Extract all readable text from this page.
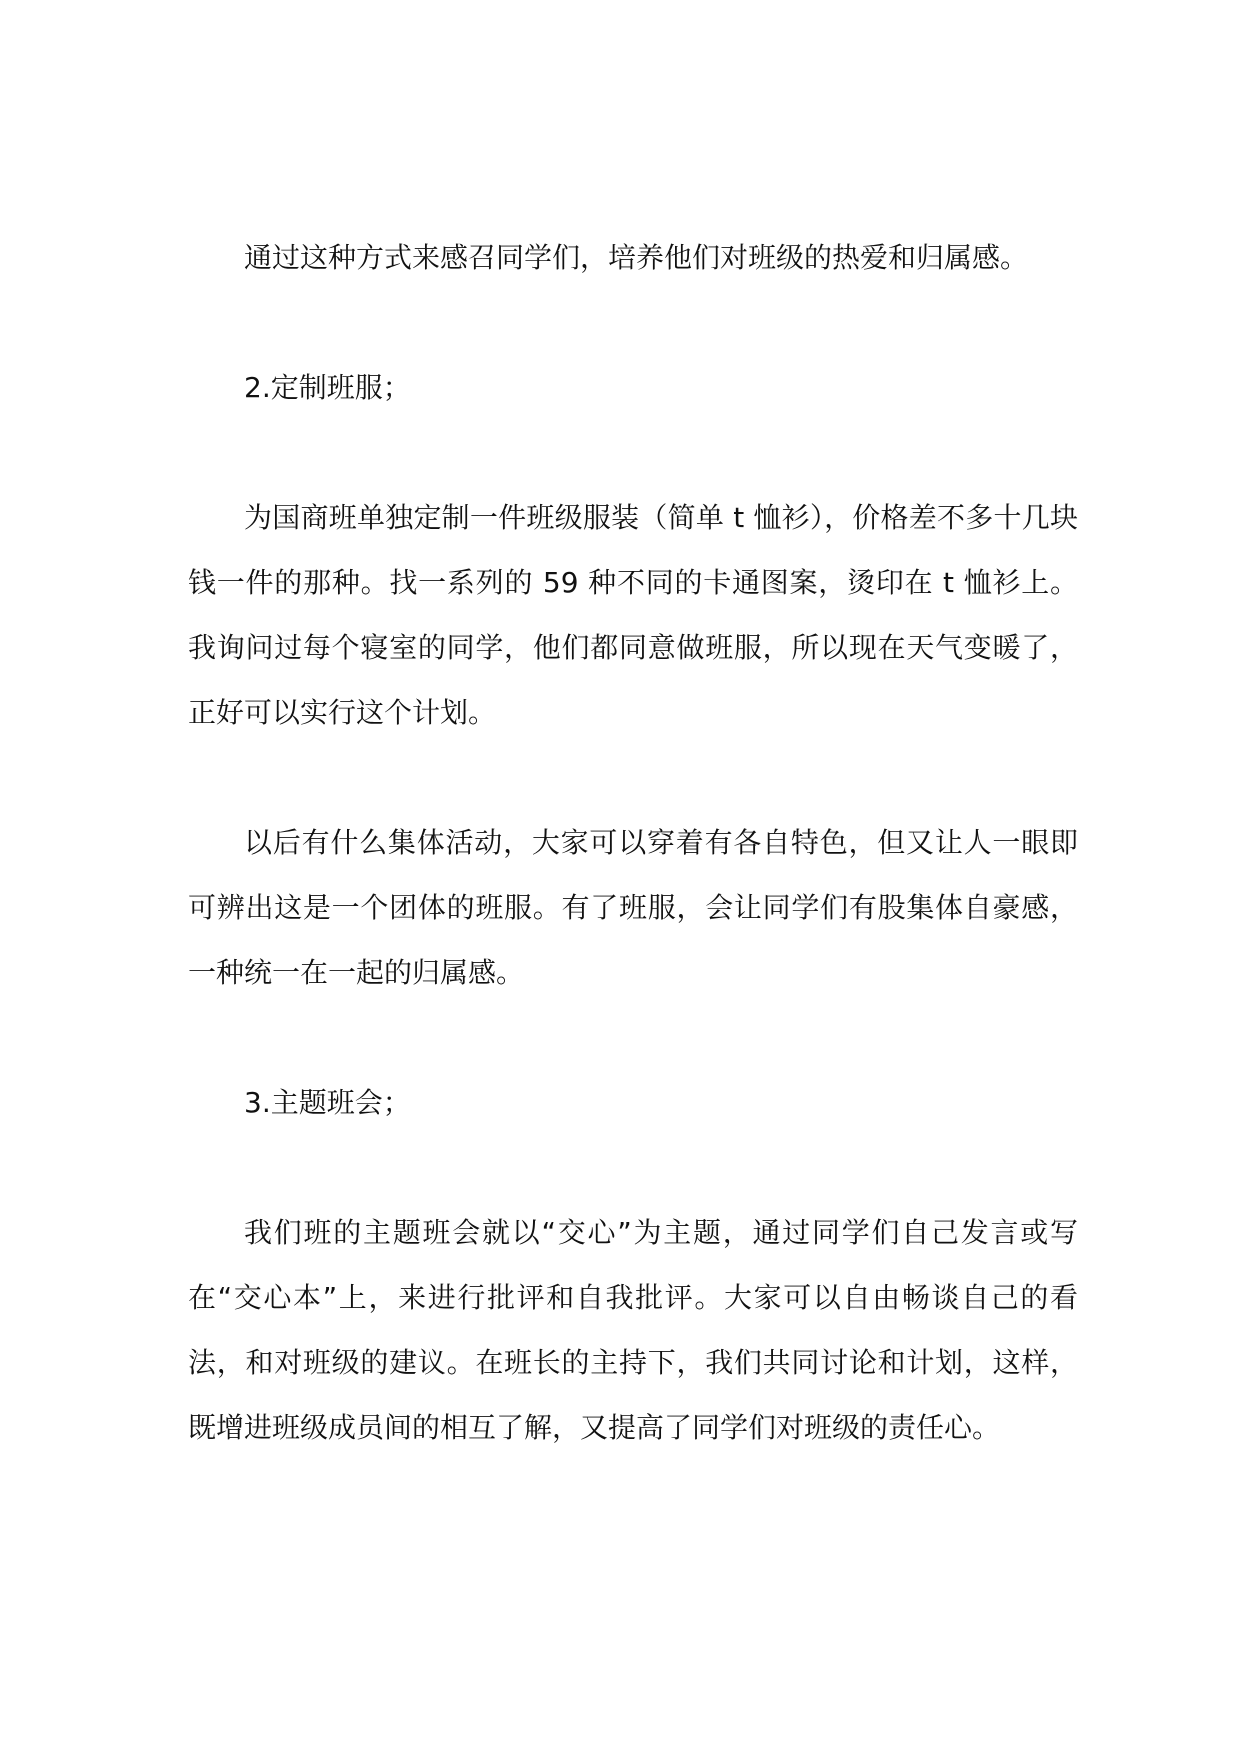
通过这种方式来感召同学们，培养他们对班级的热爱和归属感。

2.定制班服；

为国商班单独定制一件班级服装（简单 t 恤衫），价格差不多十几块钱一件的那种。找一系列的 59 种不同的卡通图案，烫印在 t 恤衫上。我询问过每个寝室的同学，他们都同意做班服，所以现在天气变暖了，正好可以实行这个计划。

以后有什么集体活动，大家可以穿着有各自特色，但又让人一眼即可辨出这是一个团体的班服。有了班服，会让同学们有股集体自豪感，一种统一在一起的归属感。

3.主题班会；

我们班的主题班会就以“交心”为主题，通过同学们自己发言或写在“交心本”上，来进行批评和自我批评。大家可以自由畅谈自己的看法，和对班级的建议。在班长的主持下，我们共同讨论和计划，这样，既增进班级成员间的相互了解，又提高了同学们对班级的责任心。
